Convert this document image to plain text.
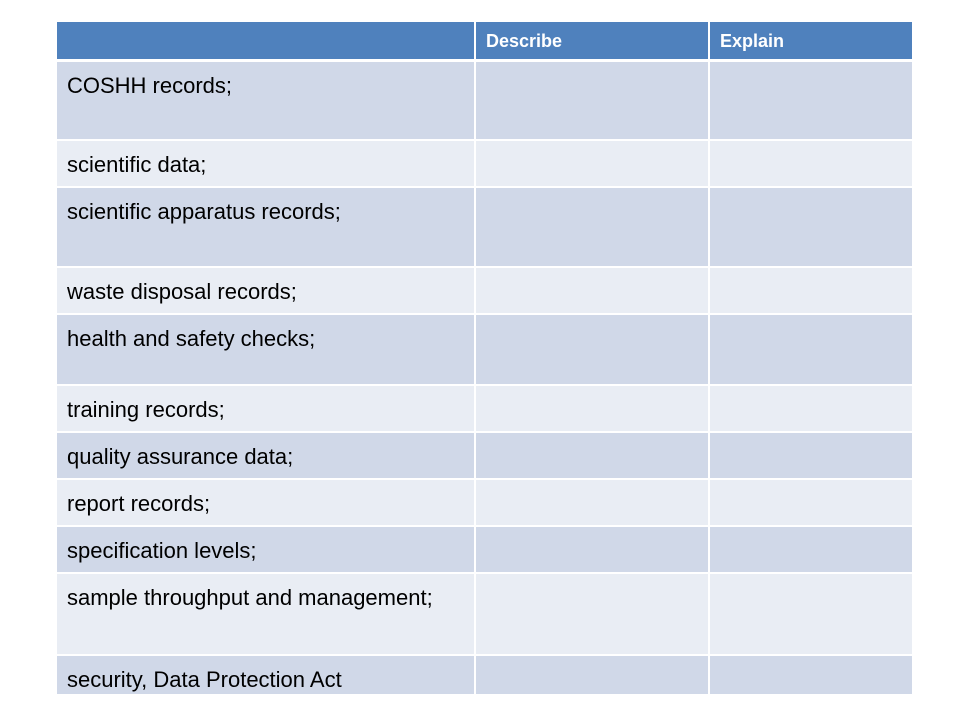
	Describe	Explain
COSHH records;		
scientific data;		
scientific apparatus records;		
waste disposal records;		
health and safety checks;		
training records;		
quality assurance data;		
report records;		
specification levels;		
sample throughput and management;		
security, Data Protection Act		
